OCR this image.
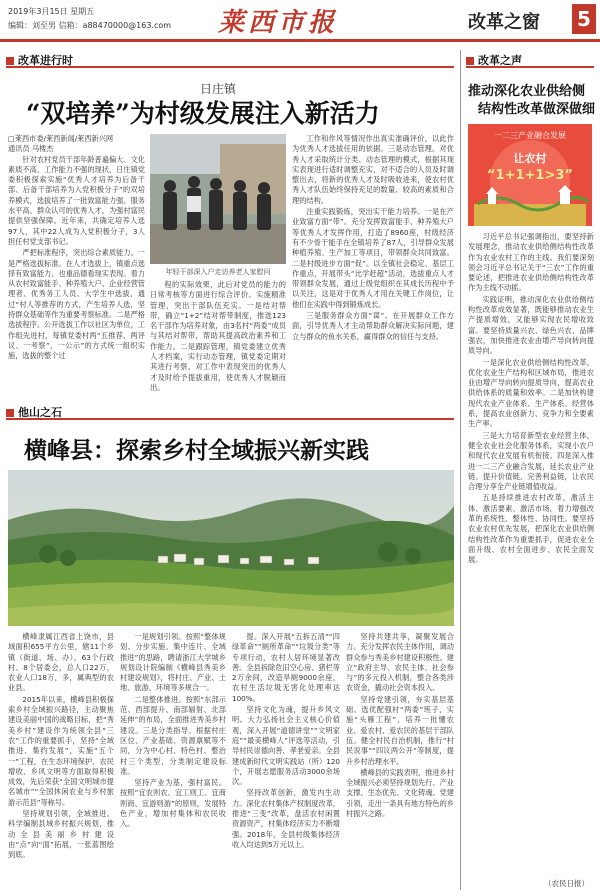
2019年3月15日 星期五
编辑：刘至男 信箱：a88470000@163.com 莱西市报	改革之窗 5
改革进行时
日庄镇
“双培养”为村级发展注入新活力
□莱西市委/莱西新闻/莱西新兴网
通讯员 马楼杰

针对农村党员干部年龄普遍偏大、文化素质不高、工作能力不强的现状，日庄镇党委积极探索实施“优秀人才培养为后备干部、后备干部培养为入党积极分子”的双培养模式，选拔培养了一批致富能力强、服务水平高、群众认可的优秀人才，为强村富民提供坚强保障。近年来，共确定培养人选97人，其中22人成为入党积极分子，3人担任村党支部书记。

严把标准程序，突出综合素质能力。一是严格选拔标准。在人才选拔上，镇重点选择有致富能力、也重品德看现实表现。着力从农村致富能手、种养殖大户、企业经营管理者、优秀务工人员、大学生中选拔，通过“村人等推荐的方式，产生培养人选，坚持群众基础等作为重要考察标准。二是严格选拔程序。公开选拔工作以社区为单位，工作组先进村，每镇党委村两“五推荐、两评议、一考察”，一公示”的方式统一组织实施，选拔的整个过

年轻干部深入户走访养老人家慰问

程的实际效果，此后对党员的能力的日常考核等方面进行综合评价。实施精准管理，突出干部队伍充实。一是结对帮带，确立“1+2”结对帮带制度，推选123名干部作为培养对象，由3名村“两委”成员与其结对帮带，帮助其提高政治素养和工作能力。二是跟踪管理，镇党委建立优秀人才档案，实行动态管理，镇党委定期对其进行考察，对工作中表现突出的优秀人才及时给予提拔重用，使优秀人才脱颖而出。

工作和作风等情况作出真实准确评价，以此作为优秀人才选拔任用的依据。三是动态管理。对优秀人才采取统计分类、动态管理的模式，根据其现实表现进行适时调整充实，对不适合的人员及时调整出去，将新的优秀人才及时吸收进来，使农村优秀人才队伍始终保持充足的数量、较高的素质和合理的结构。

注重实践锻炼，突出实干能力培养。一是在产业致富方面“带”。充分发挥致富能手、种养殖大户等优秀人才发挥作用，打造了8960座，村级经济有不少骨干能手在全镇培养了87人，引导群众发展种植养殖、生产加工等项目，带领群众共同致富。二是村级进步方面“促”。以全镇社会稳定、基层工作重点，开展带头“比学赶超”活动，选拔重点人才带领群众发展，通过上级党组织在其成长历程中予以关注，这是对于优秀人才用在关键工作岗位，让他们在实践中得到锻炼成长。

三是服务群众方面“谋”。在开展群众工作方面，引导优秀人才主动帮助群众解决实际问题，建立与群众的鱼水关系，赢得群众的信任与支持。

他山之石
横峰县：探索乡村全域振兴新实践

横峰隶属江西省上饶市，县域面积655平方公里，辖11个乡镇（街道、场、办），63个行政村、8个居委会，总人口22万，农业人口18万，多，属典型的农业县。

2015年以来，横峰县积极探索乡村全域振兴路径，主动聚焦建设美丽中国的战略目标，把“秀美乡村”建设作为统领全县“三农”工作的重要抓手，坚持“全域推进、集约发展”，实施“五个一”工程，在生态环境保护、农民增收、乡风文明等方面取得积极成效，先后荣获“全国文明城市提名城市”“全国休闲农业与乡村旅游示范县”等称号。

坚持规划引领，全域推进。科学编制县域乡村振兴规划，推动全县美丽乡村建设由“点”向“面”拓展，一张蓝图绘到底。

一是规划引领。按照“整体规划、分步实施、集中连片、全域推进”的思路，聘请浙江大学城乡规划设计院编制《横峰县秀美乡村建设规划》，将村庄、产业、土地、旅游、环境等多规合一。

二是整体推进。按照“东部示范、西部提升、南部辐射、北部延伸”的布局，全面推进秀美乡村建设。三是分类指导。根据村庄区位、产业基础、资源禀赋等不同，分为中心村、特色村、整治村三个类型，分类制定建设标准。

坚持产业为基，强村富民。按照“宜农则农、宜工则工、宜商则商、宜游则游”的原则，发展特色产业，增加村集体和农民收入。

提。深入开展“五拆五清”“四绿革命”“厕所革命”“垃圾分类”等专项行动，农村人居环境显著改善。全县拆除危旧空心房、猪栏等2万余间，改造旱厕9000余座，农村生活垃圾无害化处理率达100%。

坚持文化为魂，提升乡风文明。大力弘扬社会主义核心价值观，深入开展“道德讲堂”“文明家庭”“最美横峰人”评选等活动，引导村民崇德向善、孝老爱亲。全县建成新时代文明实践站（所）120个，开展志愿服务活动3000余场次。

坚持改革创新，激发内生动力。深化农村集体产权制度改革，推进“三变”改革，盘活农村闲置资源资产，村集体经济实力不断增强。2018年，全县村级集体经济收入均达到5万元以上。

坚持共建共享，凝聚发展合力。充分发挥农民主体作用，调动群众参与秀美乡村建设积极性。建立“政府主导、农民主体、社会参与”的多元投入机制，整合各类涉农资金，撬动社会资本投入。

坚持党建引领，夯实基层基础。选优配强村“两委”班子，实施“头雁工程”，培养一批懂农业、爱农村、爱农民的基层干部队伍。健全村民自治机制，推行“村民说事”“四议两公开”等制度，提升乡村治理水平。

横峰县的实践表明，推进乡村全域振兴必须坚持规划先行、产业支撑、生态优先、文化铸魂、党建引领，走出一条具有地方特色的乡村振兴之路。

改革之声
推动深化农业供给侧
结构性改革做深做细
一二三产业融合发展
让农村
“1+1+1>3”

习近平总书记强调指出，要坚持新发展理念，推动农业供给侧结构性改革作为农业农村工作的主线。我们要深刻领会习近平总书记关于“三农”工作的重要论述，把推进农业供给侧结构性改革作为主线不动摇。

实践证明，推动深化农业供给侧结构性改革成效显著，既能够推动农业生产提质增效，又能够实现农民增收致富。要坚持质量兴农、绿色兴农、品牌强农，加快推进农业由增产导向转向提质导向。

一是深化农业供给侧结构性改革，优化农业生产结构和区域布局，推进农业由增产导向转向提质导向，提高农业供给体系的质量和效率。二是加快构建现代农业产业体系、生产体系、经营体系，提高农业创新力、竞争力和全要素生产率。

三是大力培育新型农业经营主体，健全农业社会化服务体系，实现小农户和现代农业发展有机衔接。四是深入推进一二三产业融合发展，延长农业产业链、提升价值链、完善利益链，让农民合理分享全产业链增值收益。

五是持续推进农村改革，激活主体、激活要素、激活市场，着力增强改革的系统性、整体性、协同性。要坚持农业农村优先发展，把深化农业供给侧结构性改革作为重要抓手，促进农业全面升级、农村全面进步、农民全面发展。

（农民日报）
